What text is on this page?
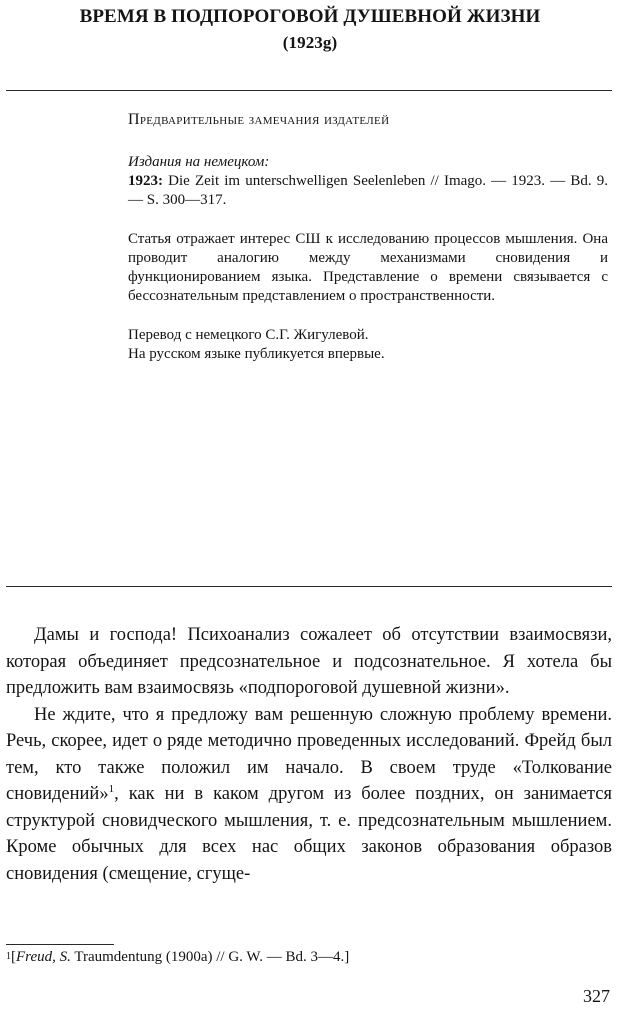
ВРЕМЯ В ПОДПОРОГОВОЙ ДУШЕВНОЙ ЖИЗНИ
(1923g)

Предварительные замечания издателей

Издания на немецком:

1923: Die Zeit im unterschwelligen Seelenleben // Imago. — 1923. — Bd. 9. — S. 300—317.

Статья отражает интерес СШ к исследованию процессов мышления. Она проводит аналогию между механизмами сновидения и функционированием языка. Представление о времени связывается с бессознательным представлением о пространственности.

Перевод с немецкого С.Г. Жигулевой.

На русском языке публикуется впервые.

Дамы и господа! Психоанализ сожалеет об отсутствии взаимосвязи, которая объединяет предсознательное и подсознательное. Я хотела бы предложить вам взаимосвязь «подпороговой душевной жизни».

Не ждите, что я предложу вам решенную сложную проблему времени. Речь, скорее, идет о ряде методично проведенных исследований. Фрейд был тем, кто также положил им начало. В своем труде «Толкование сновидений»$^1$, как ни в каком другом из более поздних, он занимается структурой сновидческого мышления, т. е. предсознательным мышлением. Кроме обычных для всех нас общих законов образования образов сновидения (смещение, сгуще-

$^1$[Freud, S. Traumdentung (1900a) // G. W. — Bd. 3—4.]

327
